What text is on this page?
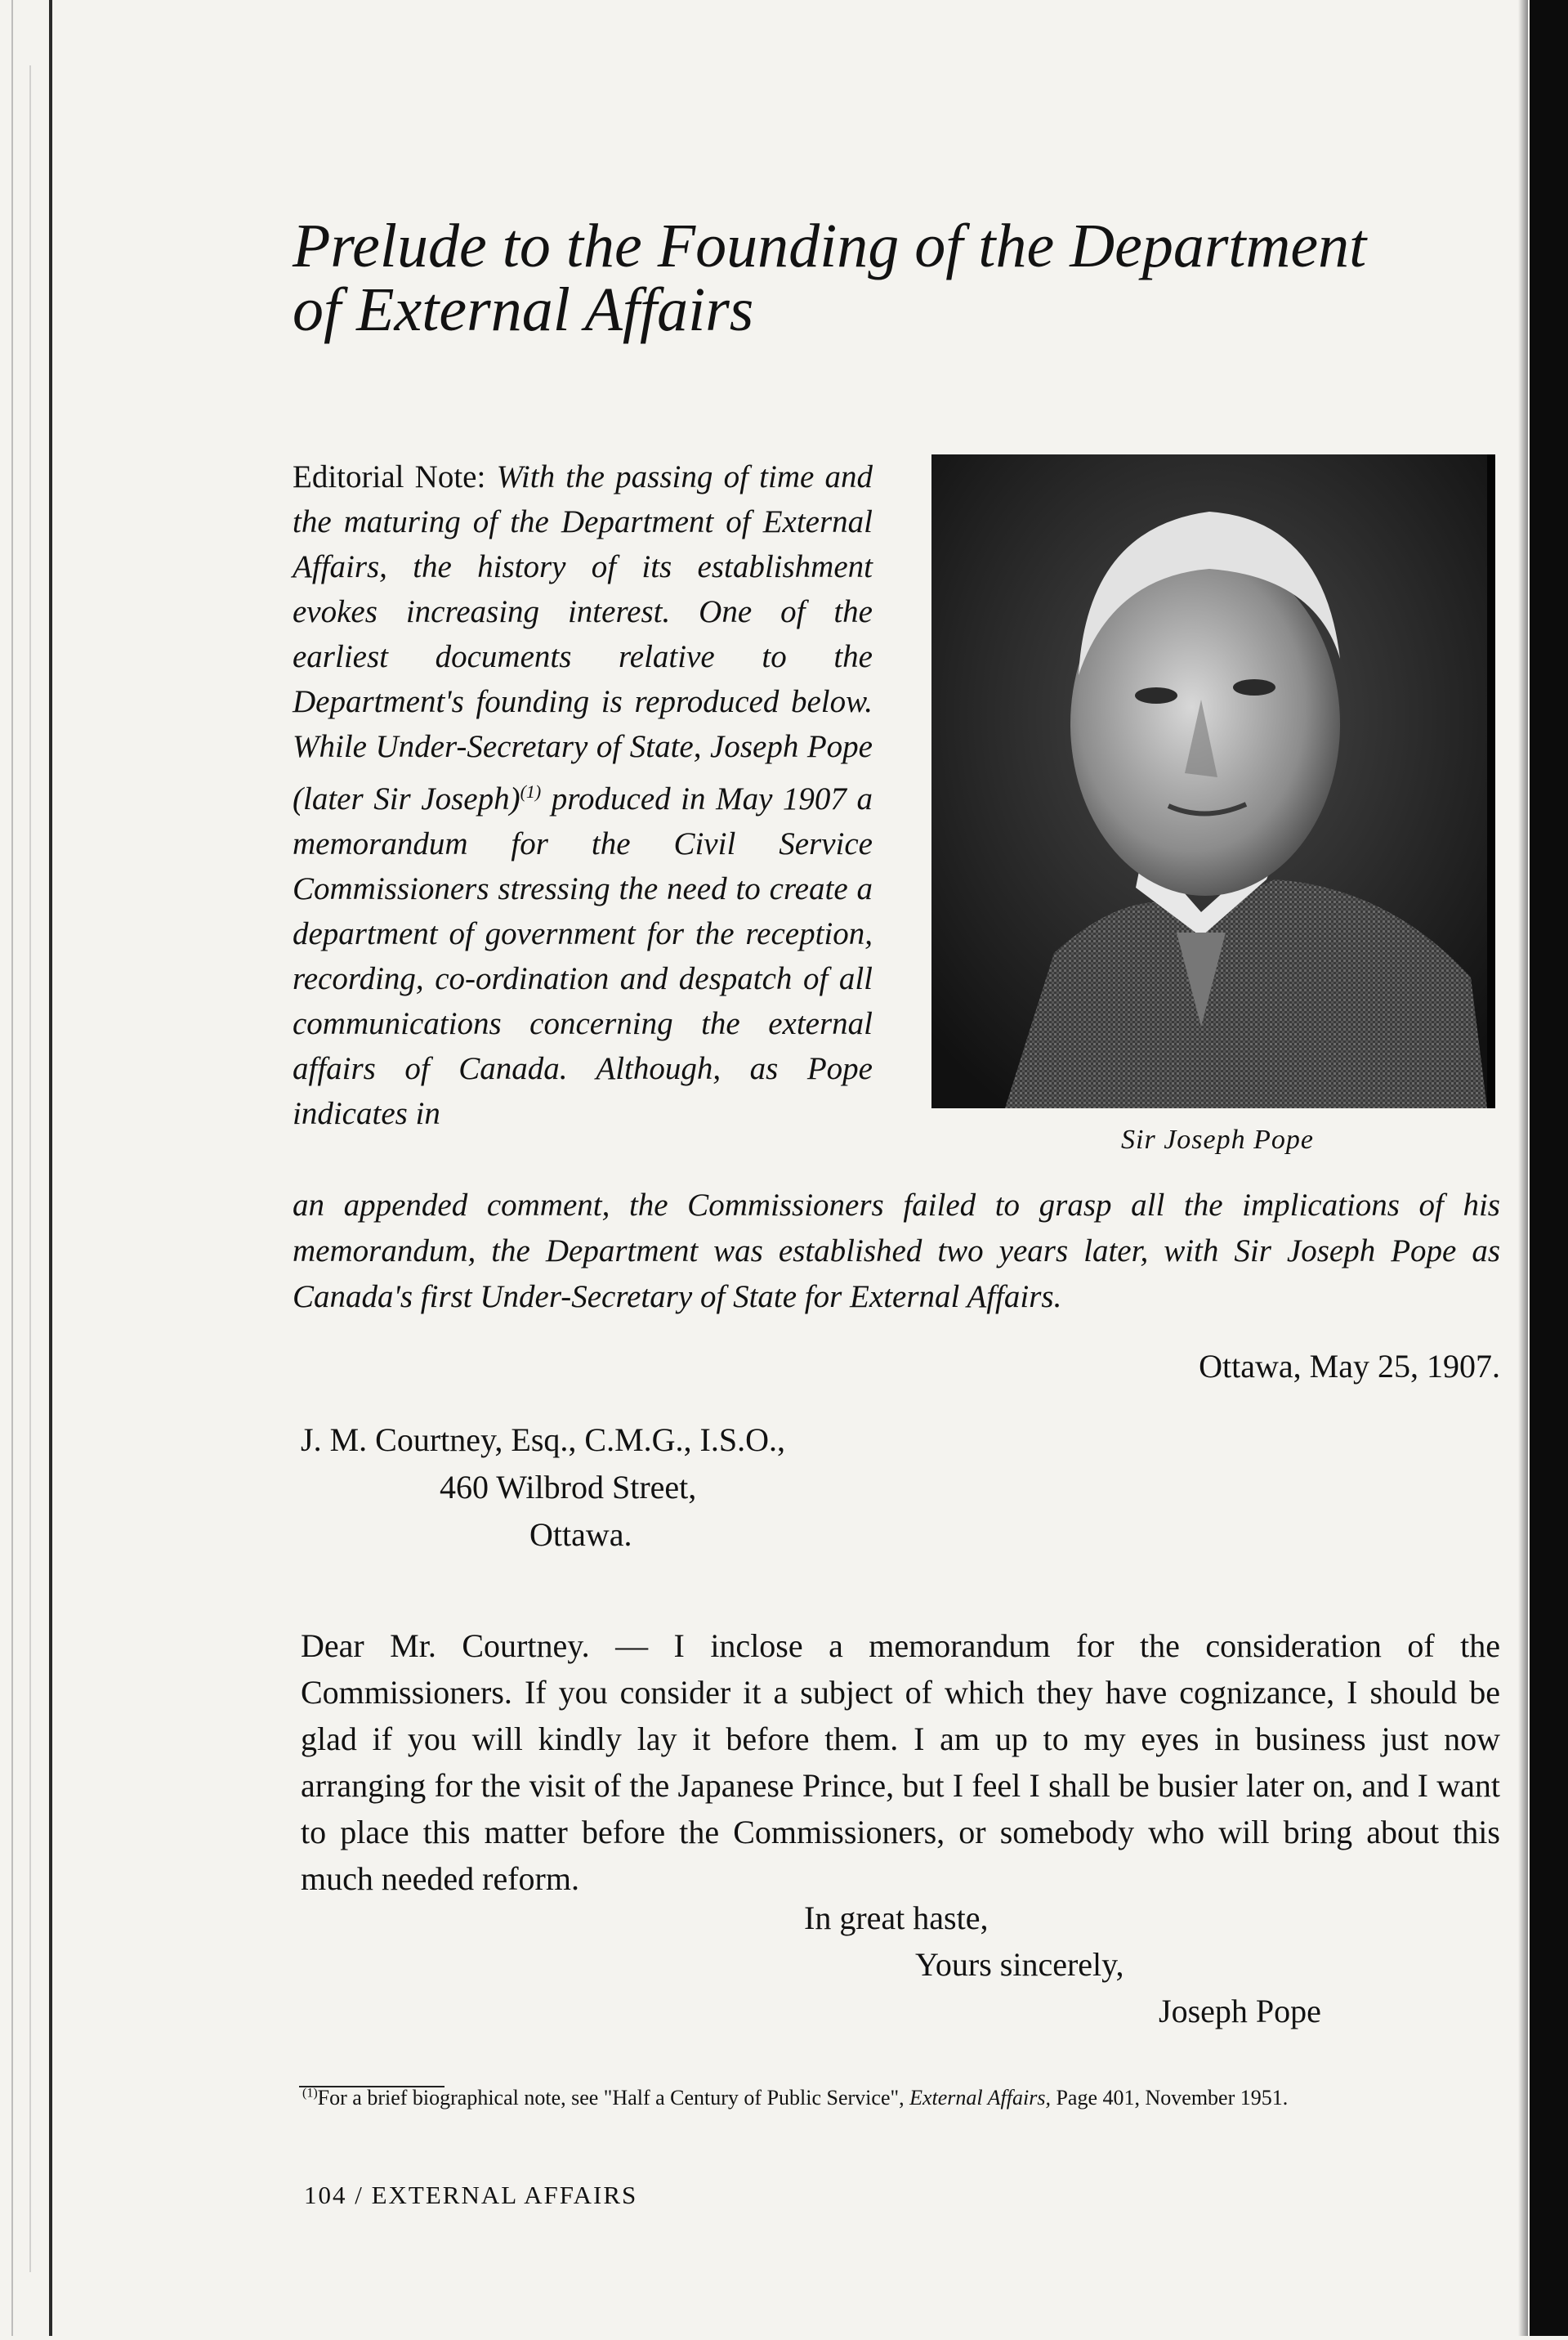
Prelude to the Founding of the Department
of External Affairs

Editorial Note: With the passing of time and the maturing of the Department of External Affairs, the history of its establishment evokes increasing interest. One of the earliest documents relative to the Department's founding is reproduced below. While Under-Secretary of State, Joseph Pope (later Sir Joseph)$^{(1)}$ produced in May 1907 a memorandum for the Civil Service Commissioners stressing the need to create a department of government for the reception, recording, co-ordination and despatch of all communications concerning the external affairs of Canada. Although, as Pope indicates in

Sir Joseph Pope

an appended comment, the Commissioners failed to grasp all the implications of his memorandum, the Department was established two years later, with Sir Joseph Pope as Canada's first Under-Secretary of State for External Affairs.

Ottawa, May 25, 1907.
J. M. Courtney, Esq., C.M.G., I.S.O.,
460 Wilbrod Street,
Ottawa.

Dear Mr. Courtney. — I inclose a memorandum for the consideration of the Commissioners. If you consider it a subject of which they have cognizance, I should be glad if you will kindly lay it before them. I am up to my eyes in business just now arranging for the visit of the Japanese Prince, but I feel I shall be busier later on, and I want to place this matter before the Commissioners, or somebody who will bring about this much needed reform.

In great haste,
Yours sincerely,
Joseph Pope
$^{(1)}$For a brief biographical note, see "Half a Century of Public Service", External Affairs, Page 401, November 1951.
104 / EXTERNAL AFFAIRS
